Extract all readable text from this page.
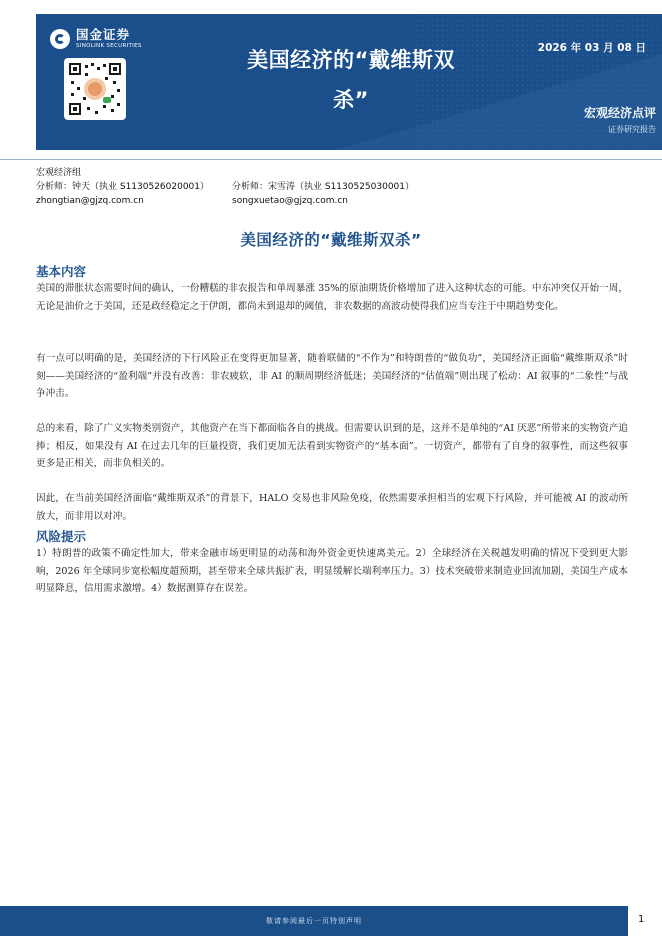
国金证券
SINOLINK SECURITIES
美国经济的“戴维斯双
杀”
2026 年 03 月 08 日
宏观经济点评
证券研究报告
宏观经济组
分析师：钟天（执业 S1130526020001）
zhongtian@gjzq.com.cn
分析师：宋雪涛（执业 S1130525030001）
songxuetao@gjzq.com.cn
美国经济的“戴维斯双杀”
基本内容

美国的滞胀状态需要时间的确认，一份糟糕的非农报告和单周暴涨 35%的原油期货价格增加了进入这种状态的可能。中东冲突仅开始一周，无论是油价之于美国，还是政经稳定之于伊朗，都尚未到退却的阈值，非农数据的高波动使得我们应当专注于中期趋势变化。

有一点可以明确的是，美国经济的下行风险正在变得更加显著，随着联储的“不作为”和特朗普的“做负功”，美国经济正面临“戴维斯双杀”时刻——美国经济的“盈利端”并没有改善：非农疲软，非 AI 的顺周期经济低迷；美国经济的“估值端”则出现了松动：AI 叙事的“二象性”与战争冲击。

总的来看，除了广义实物类别资产，其他资产在当下都面临各自的挑战。但需要认识到的是，这并不是单纯的“AI 厌恶”所带来的实物资产追捧；相反，如果没有 AI 在过去几年的巨量投资，我们更加无法看到实物资产的“基本面”。一切资产，都带有了自身的叙事性，而这些叙事更多是正相关，而非负相关的。

因此，在当前美国经济面临“戴维斯双杀”的背景下，HALO 交易也非风险免疫，依然需要承担相当的宏观下行风险，并可能被 AI 的波动所放大，而非用以对冲。

风险提示

1）特朗普的政策不确定性加大，带来金融市场更明显的动荡和海外资金更快速离美元。2）全球经济在关税越发明确的情况下受到更大影响，2026 年全球同步宽松幅度超预期，甚至带来全球共振扩表，明显缓解长端利率压力。3）技术突破带来制造业回流加剧，美国生产成本明显降息，信用需求激增。4）数据测算存在误差。

敬请参阅最后一页特别声明	1
